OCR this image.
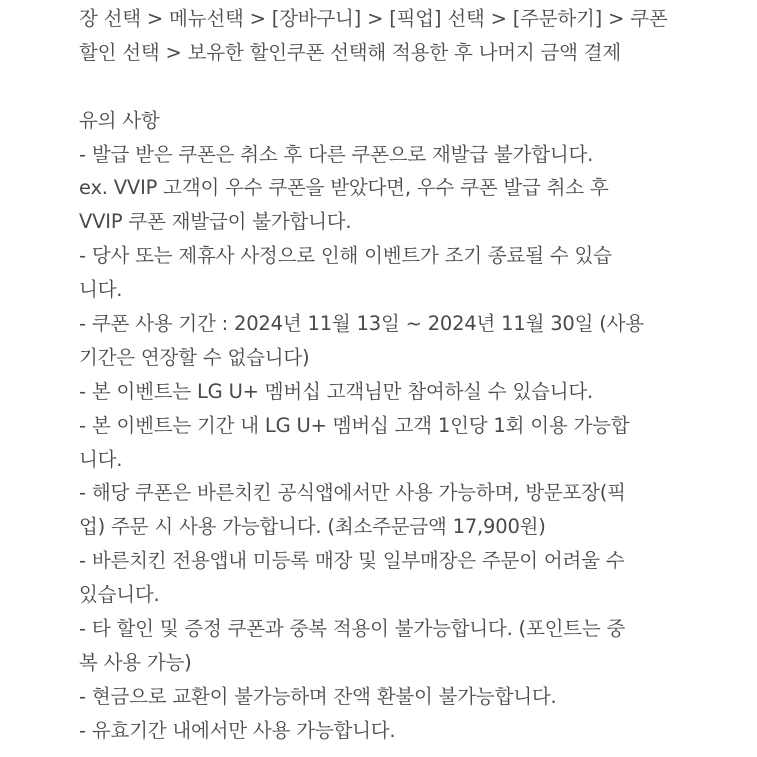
장 선택 > 메뉴선택 > [장바구니] > [픽업] 선택 > [주문하기] > 쿠폰
할인 선택 > 보유한 할인쿠폰 선택해 적용한 후 나머지 금액 결제
유의 사항
- 발급 받은 쿠폰은 취소 후 다른 쿠폰으로 재발급 불가합니다.
ex. VVIP 고객이 우수 쿠폰을 받았다면, 우수 쿠폰 발급 취소 후
VVIP 쿠폰 재발급이 불가합니다.
- 당사 또는 제휴사 사정으로 인해 이벤트가 조기 종료될 수 있습
니다.
- 쿠폰 사용 기간 : 2024년 11월 13일 ~ 2024년 11월 30일 (사용
기간은 연장할 수 없습니다)
- 본 이벤트는 LG U+ 멤버십 고객님만 참여하실 수 있습니다.
- 본 이벤트는 기간 내 LG U+ 멤버십 고객 1인당 1회 이용 가능합
니다.
- 해당 쿠폰은 바른치킨 공식앱에서만 사용 가능하며, 방문포장(픽
업) 주문 시 사용 가능합니다. (최소주문금액 17,900원)
- 바른치킨 전용앱내 미등록 매장 및 일부매장은 주문이 어려울 수
있습니다.
- 타 할인 및 증정 쿠폰과 중복 적용이 불가능합니다. (포인트는 중
복 사용 가능)
- 현금으로 교환이 불가능하며 잔액 환불이 불가능합니다.
- 유효기간 내에서만 사용 가능합니다.
